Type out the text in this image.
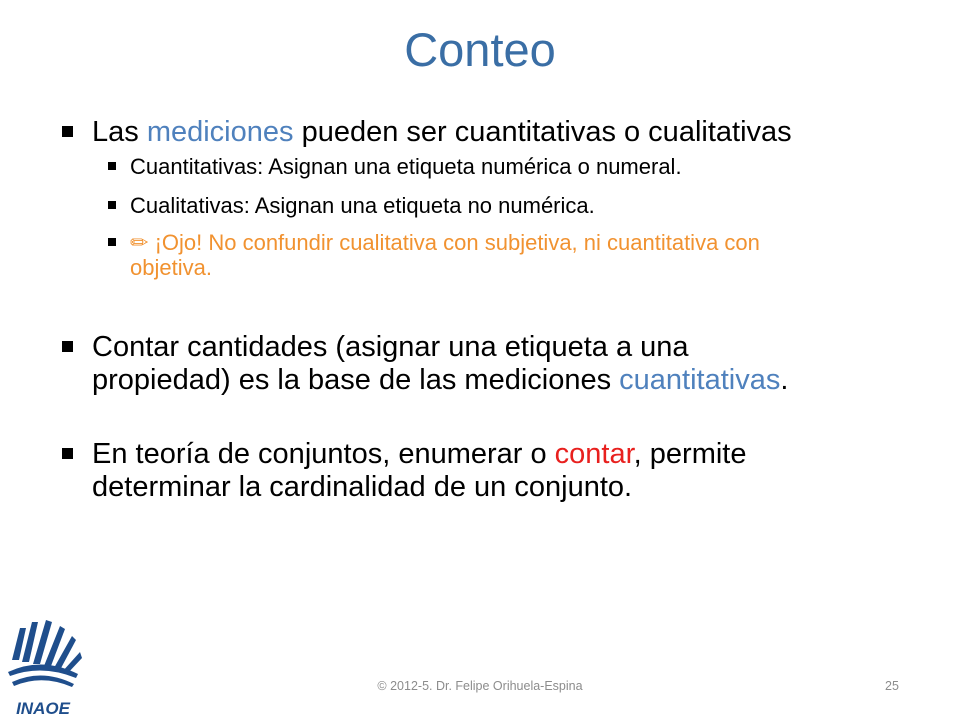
Conteo
Las mediciones pueden ser cuantitativas o cualitativas
Cuantitativas: Asignan una etiqueta numérica o numeral.
Cualitativas: Asignan una etiqueta no numérica.
✏ ¡Ojo! No confundir cualitativa con subjetiva, ni cuantitativa con objetiva.
Contar cantidades (asignar una etiqueta a una
propiedad) es la base de las mediciones cuantitativas.
En teoría de conjuntos, enumerar o contar, permite
determinar la cardinalidad de un conjunto.
INAOE
© 2012-5. Dr. Felipe Orihuela-Espina	25
